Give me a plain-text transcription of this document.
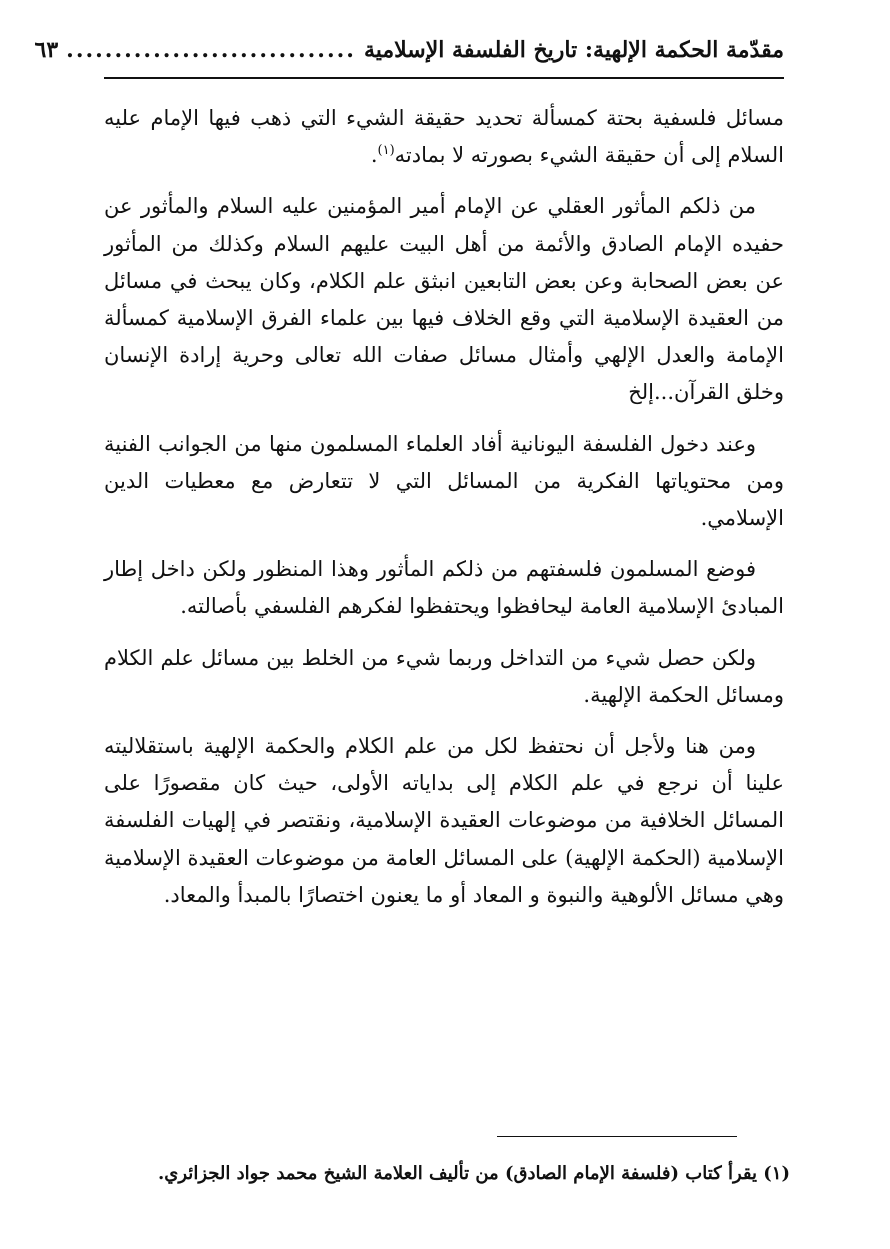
مقدّمة الحكمة الإلهية: تاريخ الفلسفة الإسلامية
..............................
٦٣

مسائل فلسفية بحتة كمسألة تحديد حقيقة الشيء التي ذهب فيها الإمام عليه السلام إلى أن حقيقة الشيء بصورته لا بمادته$^{(١)}$.

من ذلكم المأثور العقلي عن الإمام أمير المؤمنين عليه السلام والمأثور عن حفيده الإمام الصادق والأئمة من أهل البيت عليهم السلام وكذلك من المأثور عن بعض الصحابة وعن بعض التابعين انبثق علم الكلام، وكان يبحث في مسائل من العقيدة الإسلامية التي وقع الخلاف فيها بين علماء الفرق الإسلامية كمسألة الإمامة والعدل الإلهي وأمثال مسائل صفات الله تعالى وحرية إرادة الإنسان وخلق القرآن...إلخ

وعند دخول الفلسفة اليونانية أفاد العلماء المسلمون منها من الجوانب الفنية ومن محتوياتها الفكرية من المسائل التي لا تتعارض مع معطيات الدين الإسلامي.

فوضع المسلمون فلسفتهم من ذلكم المأثور وهذا المنظور ولكن داخل إطار المبادئ الإسلامية العامة ليحافظوا ويحتفظوا لفكرهم الفلسفي بأصالته.

ولكن حصل شيء من التداخل وربما شيء من الخلط بين مسائل علم الكلام ومسائل الحكمة الإلهية.

ومن هنا ولأجل أن نحتفظ لكل من علم الكلام والحكمة الإلهية باستقلاليته علينا أن نرجع في علم الكلام إلى بداياته الأولى، حيث كان مقصورًا على المسائل الخلافية من موضوعات العقيدة الإسلامية، ونقتصر في إلهيات الفلسفة الإسلامية (الحكمة الإلهية) على المسائل العامة من موضوعات العقيدة الإسلامية وهي مسائل الألوهية والنبوة و المعاد أو ما يعنون اختصارًا بالمبدأ والمعاد.

(١) يقرأ كتاب (فلسفة الإمام الصادق) من تأليف العلامة الشيخ محمد جواد الجزائري.
